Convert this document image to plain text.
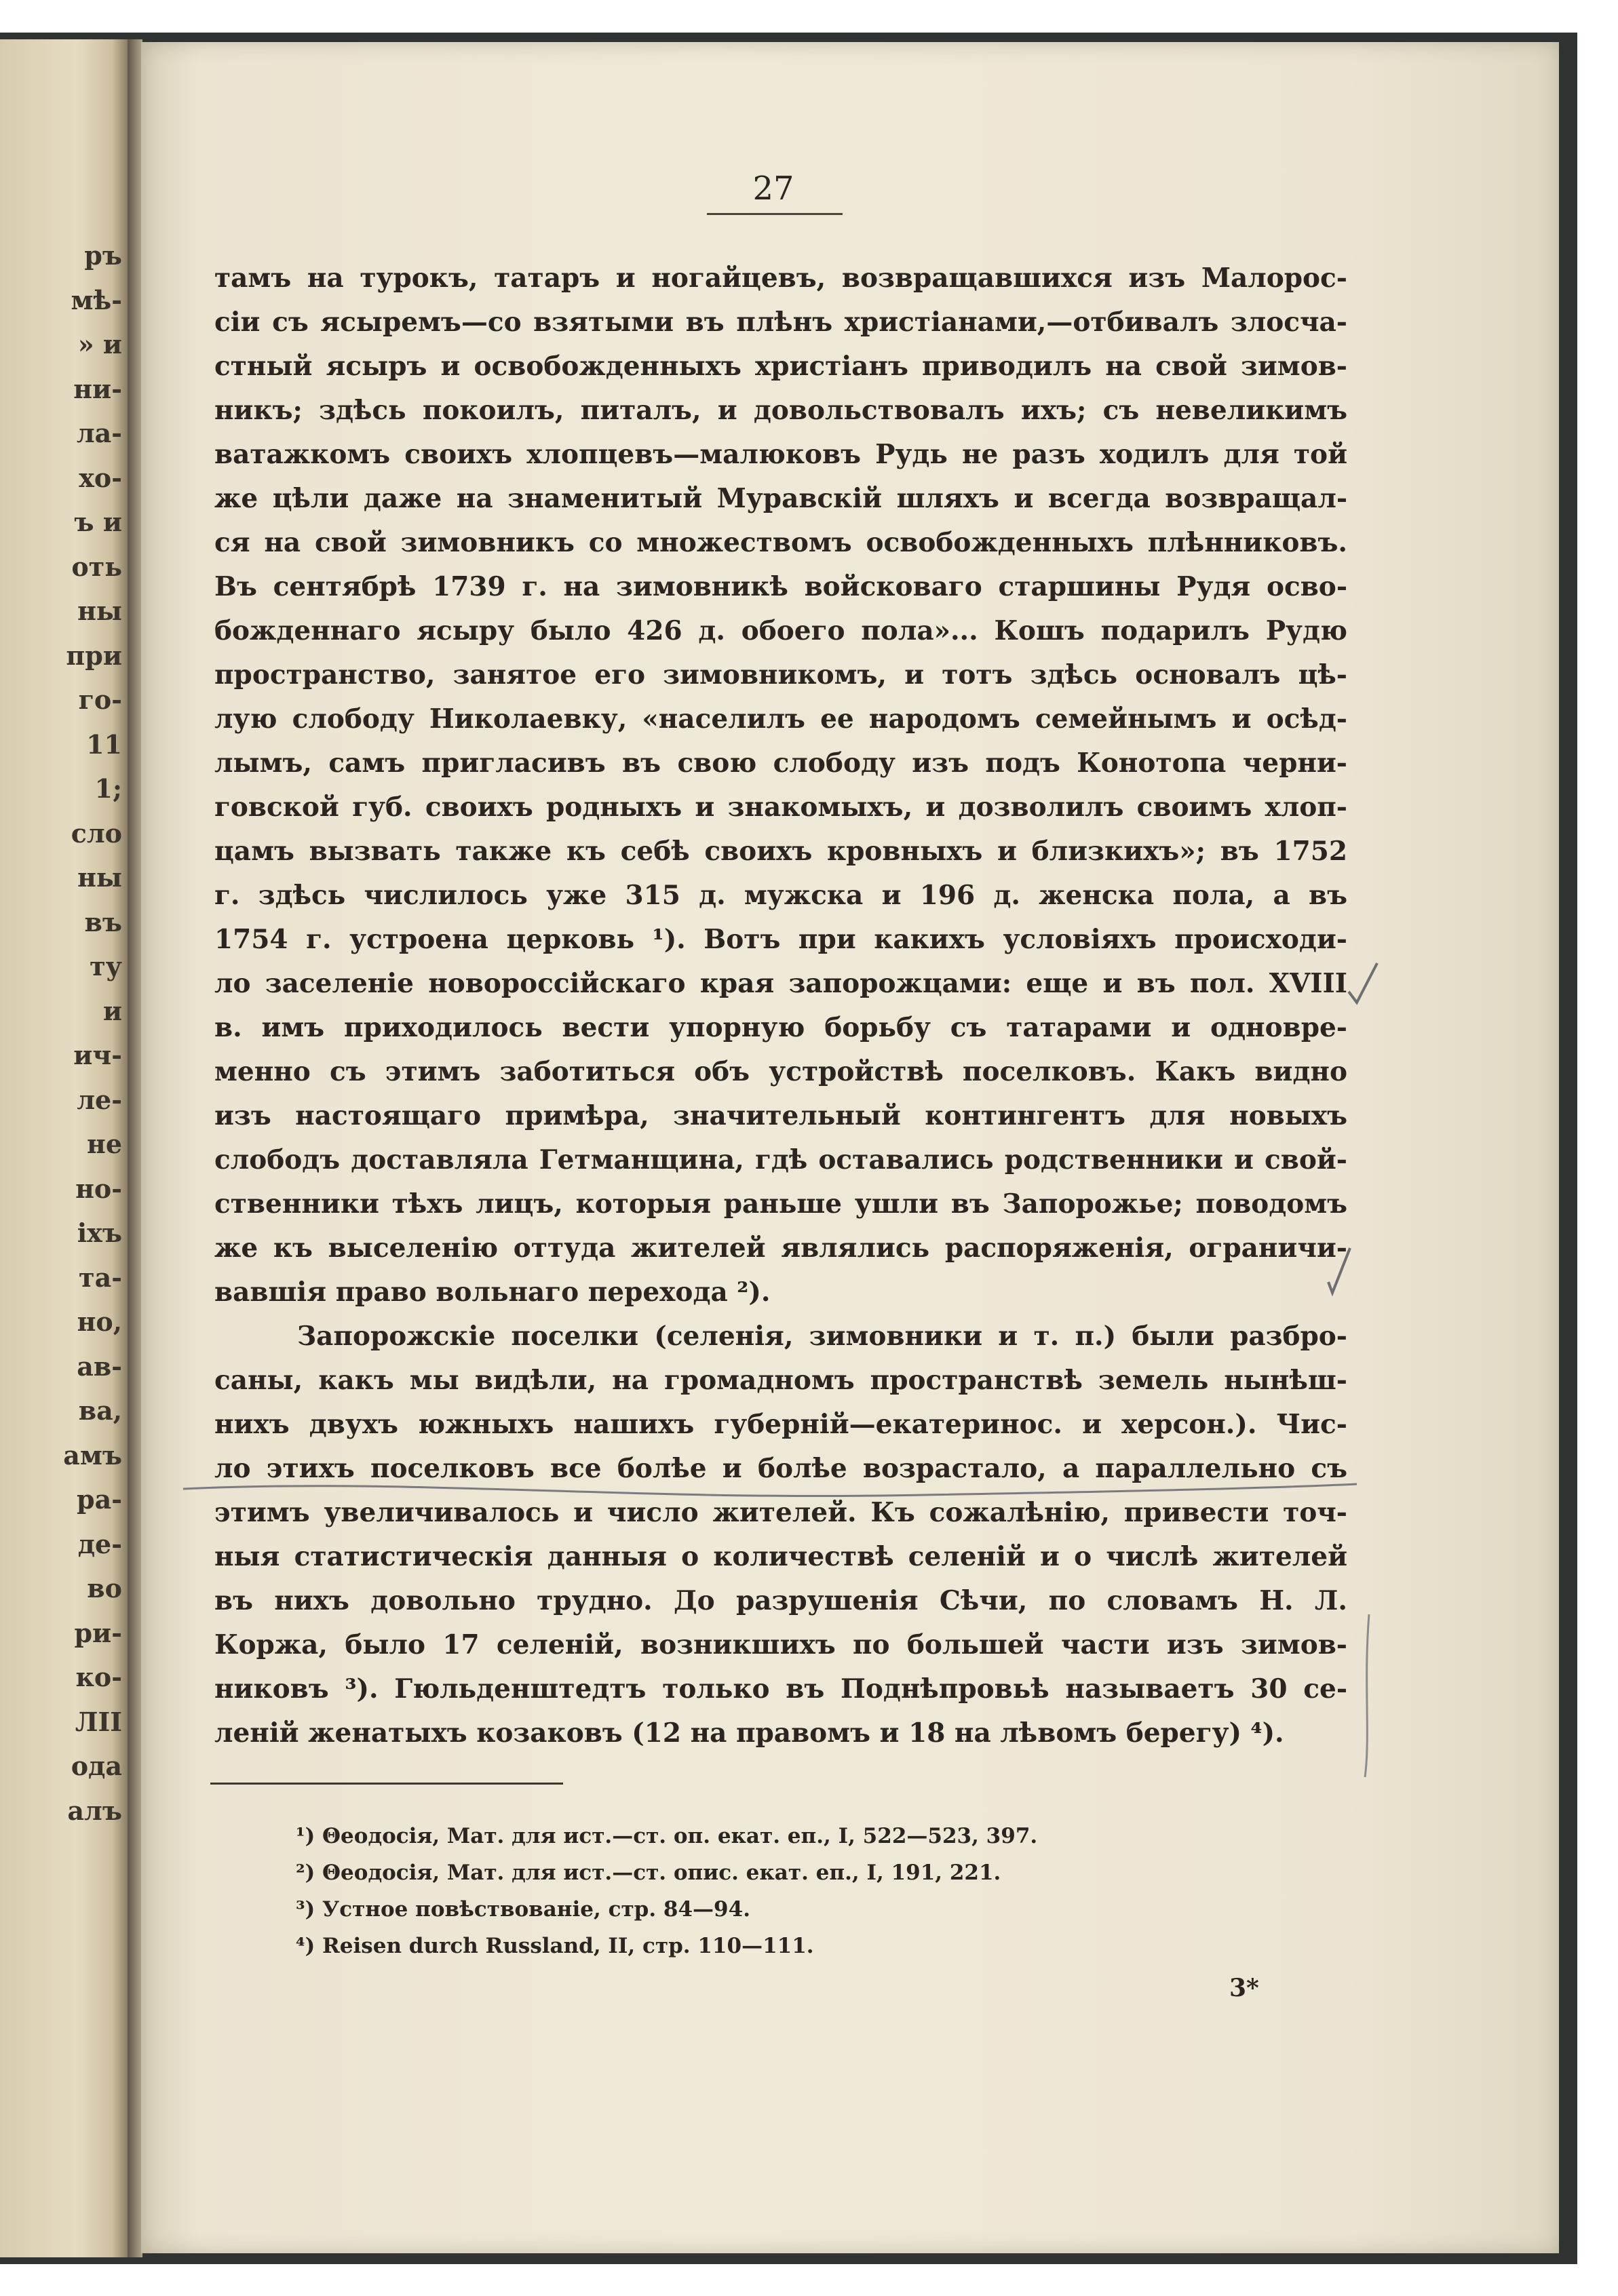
ръ
мѣ-
» и
ни-
ла-
хо-
ъ и
оть
ны
при
го-
11
1;
сло
ны
въ
ту
и
ич-
ле-
не
но-
іхъ
та-
но,
ав-
ва,
амъ
ра-
де-
во
ри-
ко-
ЛII
ода
алъ
27
тамъ на турокъ, татаръ и ногайцевъ, возвращавшихся изъ Малорос-
сіи съ ясыремъ—со взятыми въ плѣнъ христіанами,—отбивалъ злосча-
стный ясыръ и освобожденныхъ христіанъ приводилъ на свой зимов-
никъ; здѣсь покоилъ, питалъ, и довольствовалъ ихъ; съ невеликимъ
ватажкомъ своихъ хлопцевъ—малюковъ Рудь не разъ ходилъ для той
же цѣли даже на знаменитый Муравскій шляхъ и всегда возвращал-
ся на свой зимовникъ со множествомъ освобожденныхъ плѣнниковъ.
Въ сентябрѣ 1739 г. на зимовникѣ войсковаго старшины Рудя осво-
божденнаго ясыру было 426 д. обоего пола»... Кошъ подарилъ Рудю
пространство, занятое его зимовникомъ, и тотъ здѣсь основалъ цѣ-
лую слободу Николаевку, «населилъ ее народомъ семейнымъ и осѣд-
лымъ, самъ пригласивъ въ свою слободу изъ подъ Конотопа черни-
говской губ. своихъ родныхъ и знакомыхъ, и дозволилъ своимъ хлоп-
цамъ вызвать также къ себѣ своихъ кровныхъ и близкихъ»; въ 1752
г. здѣсь числилось уже 315 д. мужска и 196 д. женска пола, а въ
1754 г. устроена церковь ¹). Вотъ при какихъ условіяхъ происходи-
ло заселеніе новороссійскаго края запорожцами: еще и въ пол. XVIII
в. имъ приходилось вести упорную борьбу съ татарами и одновре-
менно съ этимъ заботиться объ устройствѣ поселковъ. Какъ видно
изъ настоящаго примѣра, значительный контингентъ для новыхъ
слободъ доставляла Гетманщина, гдѣ оставались родственники и свой-
ственники тѣхъ лицъ, которыя раньше ушли въ Запорожье; поводомъ
же къ выселенію оттуда жителей являлись распоряженія, ограничи-
вавшія право вольнаго перехода ²).
Запорожскіе поселки (селенія, зимовники и т. п.) были разбро-
саны, какъ мы видѣли, на громадномъ пространствѣ земель нынѣш-
нихъ двухъ южныхъ нашихъ губерній—екатеринос. и херсон.). Чис-
ло этихъ поселковъ все болѣе и болѣе возрастало, а параллельно съ
этимъ увеличивалось и число жителей. Къ сожалѣнію, привести точ-
ныя статистическія данныя о количествѣ селеній и о числѣ жителей
въ нихъ довольно трудно. До разрушенія Сѣчи, по словамъ Н. Л.
Коржа, было 17 селеній, возникшихъ по большей части изъ зимов-
никовъ ³). Гюльденштедтъ только въ Поднѣпровьѣ называетъ 30 се-
леній женатыхъ козаковъ (12 на правомъ и 18 на лѣвомъ берегу) ⁴).
¹) Θеодосія, Мат. для ист.—ст. оп. екат. еп., I, 522—523, 397.
²) Θеодосія, Мат. для ист.—ст. опис. екат. еп., I, 191, 221.
³) Устное повѣствованіе, стр. 84—94.
⁴) Reisen durch Russland, II, стр. 110—111.
3*
